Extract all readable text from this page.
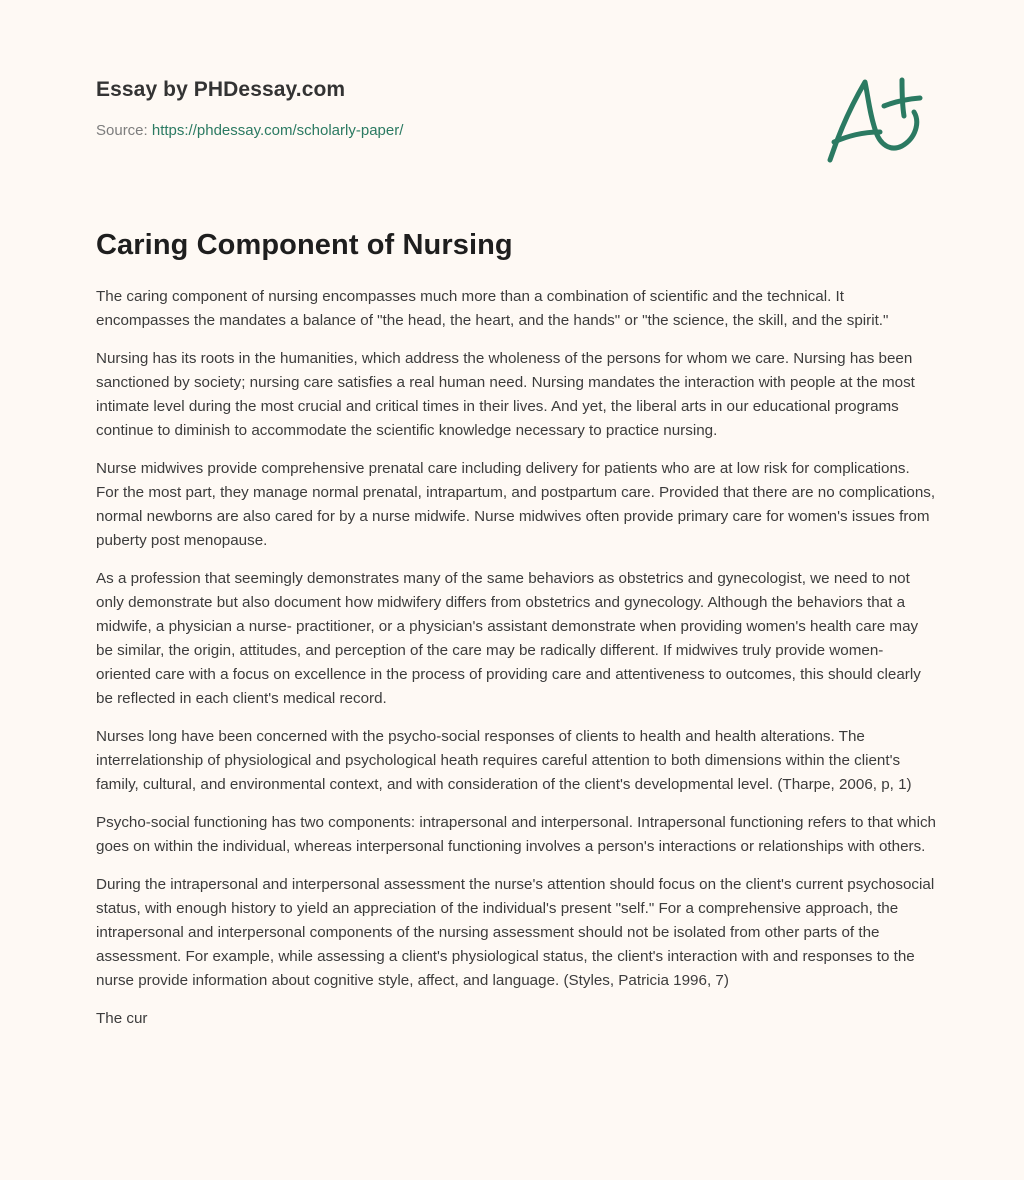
Essay by PHDessay.com
Source: https://phdessay.com/scholarly-paper/
Caring Component of Nursing

The caring component of nursing encompasses much more than a combination of scientific and the technical. It encompasses the mandates a balance of "the head, the heart, and the hands" or "the science, the skill, and the spirit."

Nursing has its roots in the humanities, which address the wholeness of the persons for whom we care. Nursing has been sanctioned by society; nursing care satisfies a real human need. Nursing mandates the interaction with people at the most intimate level during the most crucial and critical times in their lives. And yet, the liberal arts in our educational programs continue to diminish to accommodate the scientific knowledge necessary to practice nursing.

Nurse midwives provide comprehensive prenatal care including delivery for patients who are at low risk for complications. For the most part, they manage normal prenatal, intrapartum, and postpartum care. Provided that there are no complications, normal newborns are also cared for by a nurse midwife. Nurse midwives often provide primary care for women's issues from puberty post menopause.

As a profession that seemingly demonstrates many of the same behaviors as obstetrics and gynecologist, we need to not only demonstrate but also document how midwifery differs from obstetrics and gynecology. Although the behaviors that a midwife, a physician a nurse- practitioner, or a physician's assistant demonstrate when providing women's health care may be similar, the origin, attitudes, and perception of the care may be radically different. If midwives truly provide women- oriented care with a focus on excellence in the process of providing care and attentiveness to outcomes, this should clearly be reflected in each client's medical record.

Nurses long have been concerned with the psycho-social responses of clients to health and health alterations. The interrelationship of physiological and psychological heath requires careful attention to both dimensions within the client's family, cultural, and environmental context, and with consideration of the client's developmental level. (Tharpe, 2006, p, 1)

Psycho-social functioning has two components: intrapersonal and interpersonal. Intrapersonal functioning refers to that which goes on within the individual, whereas interpersonal functioning involves a person's interactions or relationships with others.

During the intrapersonal and interpersonal assessment the nurse's attention should focus on the client's current psychosocial status, with enough history to yield an appreciation of the individual's present "self." For a comprehensive approach, the intrapersonal and interpersonal components of the nursing assessment should not be isolated from other parts of the assessment. For example, while assessing a client's physiological status, the client's interaction with and responses to the nurse provide information about cognitive style, affect, and language. (Styles, Patricia 1996, 7)

The cur
